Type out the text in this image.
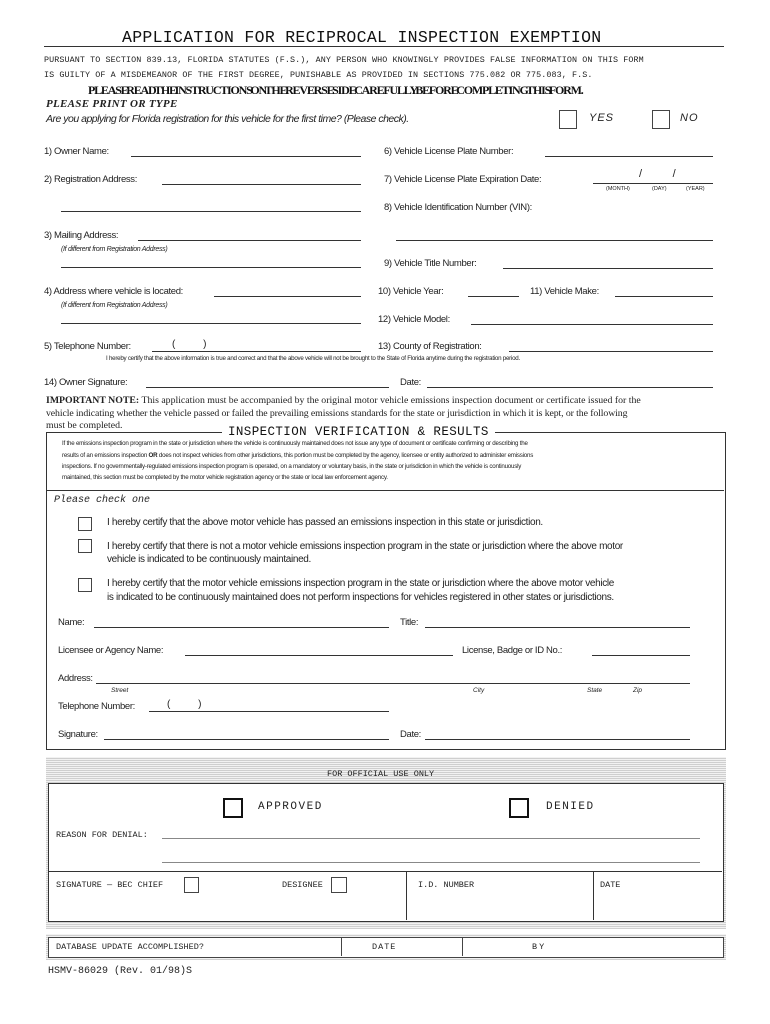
APPLICATION FOR RECIPROCAL INSPECTION EXEMPTION
PURSUANT TO SECTION 839.13, FLORIDA STATUTES (F.S.), ANY PERSON WHO KNOWINGLY PROVIDES FALSE INFORMATION ON THIS FORM
IS GUILTY OF A MISDEMEANOR OF THE FIRST DEGREE, PUNISHABLE AS PROVIDED IN SECTIONS 775.082 OR 775.083, F.S.
PLEASE READ THE INSTRUCTIONS ON THE REVERSE SIDE CAREFULLY BEFORE COMPLETING THIS FORM.
PLEASE PRINT OR TYPE
Are you applying for Florida registration for this vehicle for the first time? (Please check).	YES	NO
1) Owner Name:
2) Registration Address:
3) Mailing Address:
(If different from Registration Address)
4) Address where vehicle is located:
(If different from Registration Address)
5) Telephone Number:	(          )
6) Vehicle License Plate Number:
7) Vehicle License Plate Expiration Date:	/          /
(MONTH)	(DAY)	(YEAR)
8) Vehicle Identification Number (VIN):
9) Vehicle Title Number:
10) Vehicle Year:	11) Vehicle Make:
12) Vehicle Model:
13) County of Registration:
I hereby certify that the above information is true and correct and that the above vehicle will not be brought to the State of Florida anytime during the registration period.
14) Owner Signature:	Date:
IMPORTANT NOTE: This application must be accompanied by the original motor vehicle emissions inspection document or certificate issued for the
vehicle indicating whether the vehicle passed or failed the prevailing emissions standards for the state or jurisdiction in which it is kept, or the following
must be completed.	INSPECTION VERIFICATION & RESULTS
If the emissions inspection program in the state or jurisdiction where the vehicle is continuously maintained does not issue any type of document or certificate confirming or describing the
results of an emissions inspection OR does not inspect vehicles from other jurisdictions, this portion must be completed by the agency, licensee or entity authorized to administer emissions
inspections. If no governmentally-regulated emissions inspection program is operated, on a mandatory or voluntary basis, in the state or jurisdiction in which the vehicle is continuously
maintained, this section must be completed by the motor vehicle registration agency or the state or local law enforcement agency.
Please check one
I hereby certify that the above motor vehicle has passed an emissions inspection in this state or jurisdiction.
I hereby certify that there is not a motor vehicle emissions inspection program in the state or jurisdiction where the above motor
vehicle is indicated to be continuously maintained.
I hereby certify that the motor vehicle emissions inspection program in the state or jurisdiction where the above motor vehicle
is indicated to be continuously maintained does not perform inspections for vehicles registered in other states or jurisdictions.
Name:	Title:
Licensee or Agency Name:	License, Badge or ID No.:
Address:
Street	City	State	Zip
Telephone Number:	(          )
Signature:	Date:
FOR OFFICIAL USE ONLY
APPROVED	DENIED
REASON FOR DENIAL:
SIGNATURE — BEC CHIEF	DESIGNEE	I.D. NUMBER	DATE
DATABASE UPDATE ACCOMPLISHED?	DATE	BY
HSMV-86029 (Rev. 01/98)S
